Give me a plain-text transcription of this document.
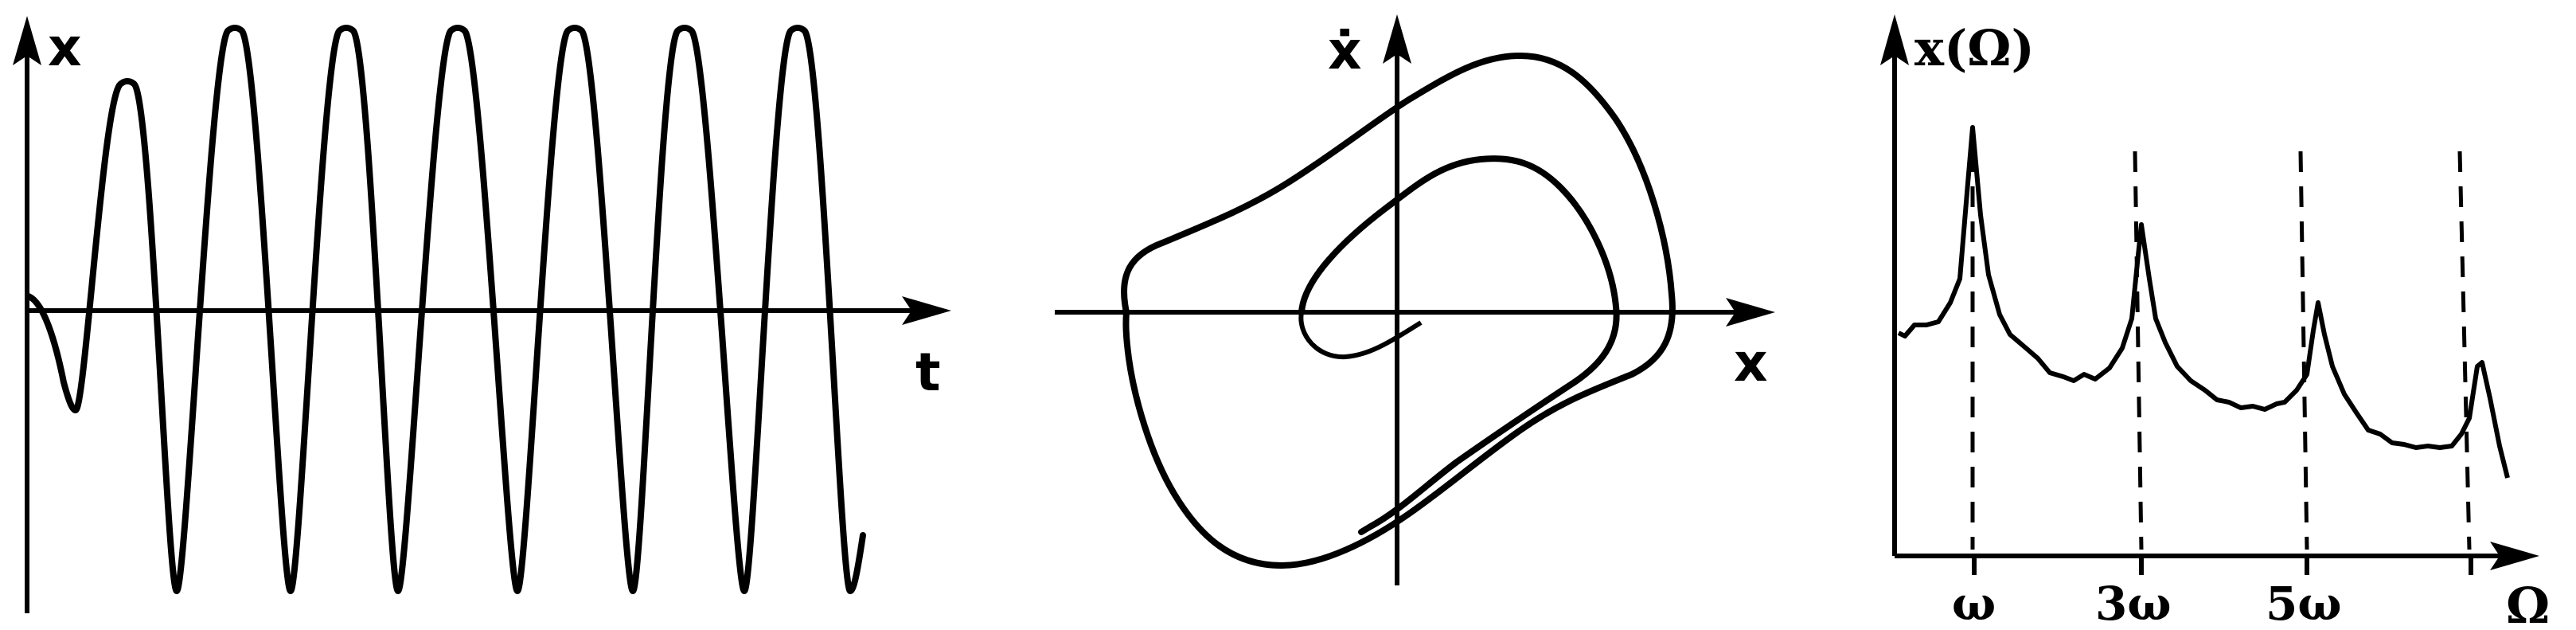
x
t
ẋ
x
x(Ω)
Ω
ω 3ω 5ω
